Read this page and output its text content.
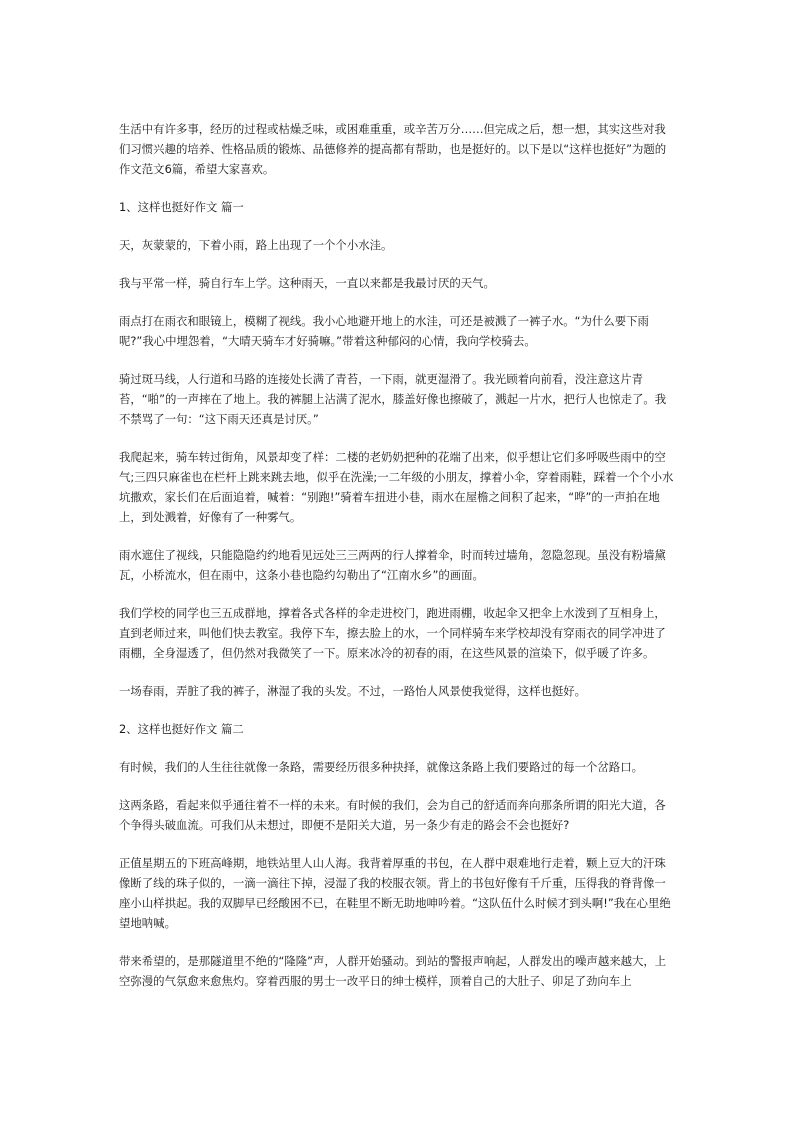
生活中有许多事，经历的过程或枯燥乏味，或困难重重，或辛苦万分……但完成之后，想一想，其实这些对我们习惯兴趣的培养、性格品质的锻炼、品德修养的提高都有帮助，也是挺好的。以下是以“这样也挺好”为题的作文范文6篇，希望大家喜欢。

1、这样也挺好作文 篇一

天，灰蒙蒙的，下着小雨，路上出现了一个个小水洼。

我与平常一样，骑自行车上学。这种雨天，一直以来都是我最讨厌的天气。

雨点打在雨衣和眼镜上，模糊了视线。我小心地避开地上的水洼，可还是被溅了一裤子水。“为什么要下雨呢?”我心中埋怨着，“大晴天骑车才好骑嘛。”带着这种郁闷的心情，我向学校骑去。

骑过斑马线，人行道和马路的连接处长满了青苔，一下雨，就更湿滑了。我光顾着向前看，没注意这片青苔，“啪”的一声摔在了地上。我的裤腿上沾满了泥水，膝盖好像也擦破了，溅起一片水，把行人也惊走了。我不禁骂了一句：“这下雨天还真是讨厌。”

我爬起来，骑车转过街角，风景却变了样：二楼的老奶奶把种的花端了出来，似乎想让它们多呼吸些雨中的空气;三四只麻雀也在栏杆上跳来跳去地，似乎在洗澡;一二年级的小朋友，撑着小伞，穿着雨鞋，踩着一个个小水坑撒欢，家长们在后面追着，喊着：“别跑!”骑着车扭进小巷，雨水在屋檐之间积了起来，“哗”的一声拍在地上，到处溅着，好像有了一种雾气。

雨水遮住了视线，只能隐隐约约地看见远处三三两两的行人撑着伞，时而转过墙角，忽隐忽现。虽没有粉墙黛瓦，小桥流水，但在雨中，这条小巷也隐约勾勒出了“江南水乡”的画面。

我们学校的同学也三五成群地，撑着各式各样的伞走进校门，跑进雨棚，收起伞又把伞上水泼到了互相身上，直到老师过来，叫他们快去教室。我停下车，擦去脸上的水，一个同样骑车来学校却没有穿雨衣的同学冲进了雨棚，全身湿透了，但仍然对我微笑了一下。原来冰冷的初春的雨，在这些风景的渲染下，似乎暖了许多。

一场春雨，弄脏了我的裤子，淋湿了我的头发。不过，一路怡人风景使我觉得，这样也挺好。

2、这样也挺好作文 篇二

有时候，我们的人生往往就像一条路，需要经历很多种抉择，就像这条路上我们要路过的每一个岔路口。

这两条路，看起来似乎通往着不一样的未来。有时候的我们，会为自己的舒适而奔向那条所谓的阳光大道，各个争得头破血流。可我们从未想过，即便不是阳关大道，另一条少有走的路会不会也挺好?

正值星期五的下班高峰期，地铁站里人山人海。我背着厚重的书包，在人群中艰难地行走着，颗上豆大的汗珠像断了线的珠子似的，一滴一滴往下掉，浸湿了我的校服衣领。背上的书包好像有千斤重，压得我的脊背像一座小山样拱起。我的双脚早已经酸困不已，在鞋里不断无助地呻吟着。“这队伍什么时候才到头啊!”我在心里绝望地呐喊。

带来希望的，是那隧道里不绝的“隆隆”声，人群开始骚动。到站的警报声响起，人群发出的噪声越来越大，上空弥漫的气氛愈来愈焦灼。穿着西服的男士一改平日的绅士模样，顶着自己的大肚子、卯足了劲向车上
